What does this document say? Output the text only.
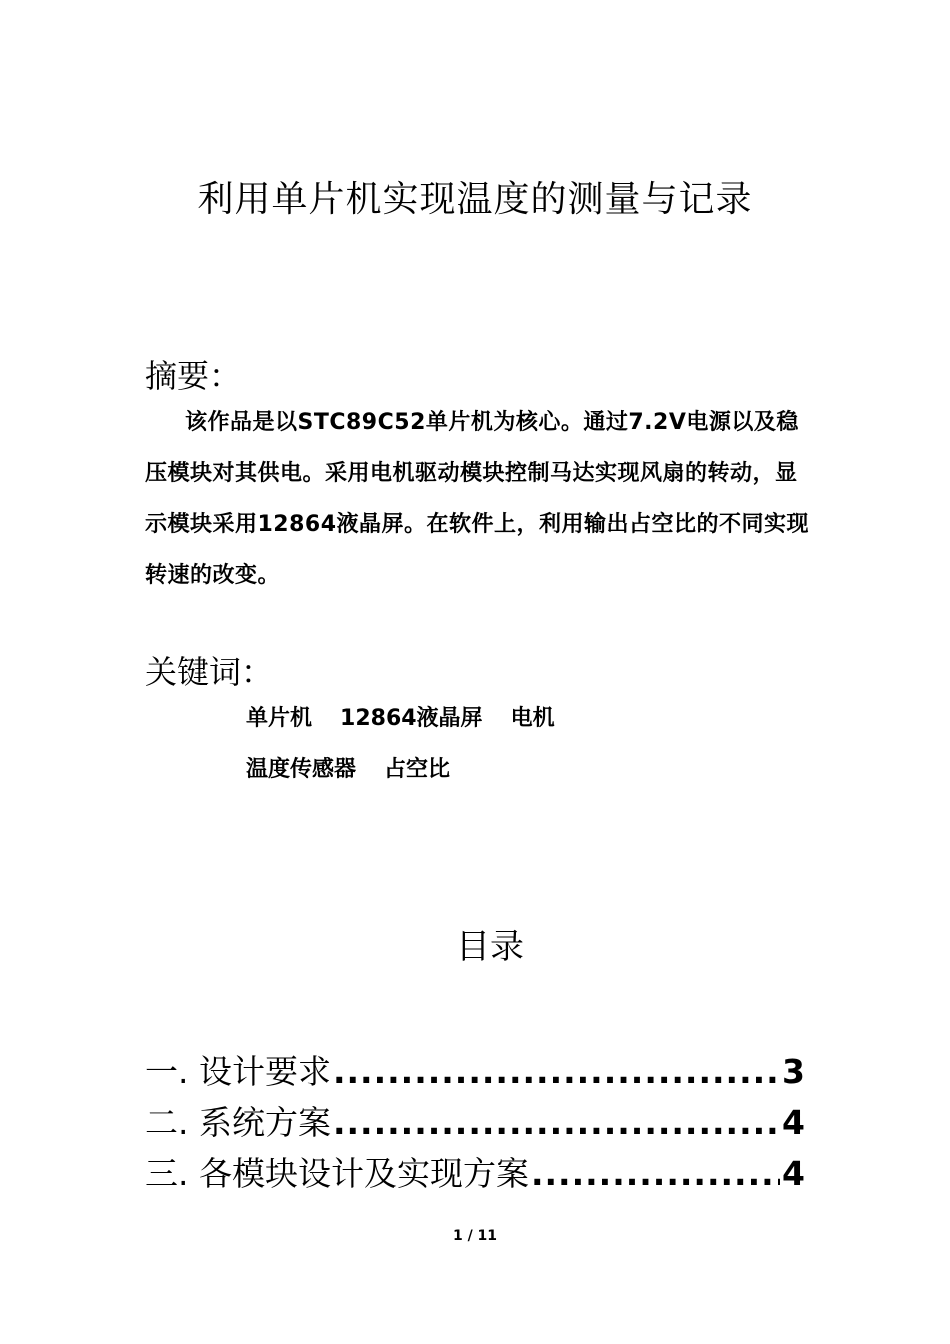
利用单片机实现温度的测量与记录
摘要：
该作品是以STC89C52单片机为核心。通过7.2V电源以及稳压模块对其供电。采用电机驱动模块控制马达实现风扇的转动，显示模块采用12864液晶屏。在软件上，利用输出占空比的不同实现转速的改变。
关键词：
单片机 12864液晶屏 电机
温度传感器 占空比
目录
一. 设计要求 .....	3
二. 系统方案 .....	4
三. 各模块设计及实现方案 .....	4
1 / 11
